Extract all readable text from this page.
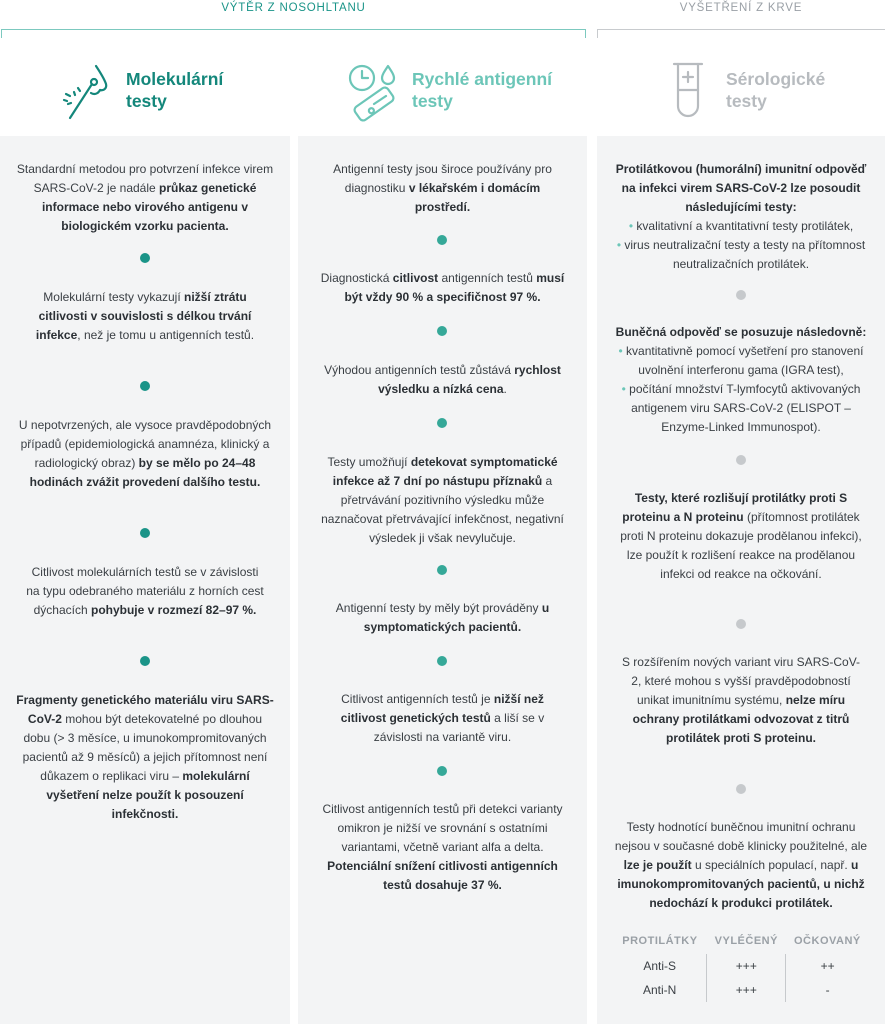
VÝTĚR Z NOSOHLTANU	VYŠETŘENÍ Z KRVE
Molekulární
testy
Rychlé antigenní
testy
Sérologické
testy
Standardní metodou pro potvrzení infekce virem SARS-CoV-2 je nadále průkaz genetické informace nebo virového antigenu v biologickém vzorku pacienta.
Molekulární testy vykazují nižší ztrátu citlivosti v souvislosti s délkou trvání infekce, než je tomu u antigenních testů.
U nepotvrzených, ale vysoce pravděpodobných případů (epidemiologická anamnéza, klinický a radiologický obraz) by se mělo po 24–48 hodinách zvážit provedení dalšího testu.
Citlivost molekulárních testů se v závislosti na typu odebraného materiálu z horních cest dýchacích pohybuje v rozmezí 82–97 %.
Fragmenty genetického materiálu viru SARS-CoV-2 mohou být detekovatelné po dlouhou dobu (> 3 měsíce, u imunokompromitovaných pacientů až 9 měsíců) a jejich přítomnost není důkazem o replikaci viru – molekulární vyšetření nelze použít k posouzení infekčnosti.
Antigenní testy jsou široce používány pro diagnostiku v lékařském i domácím prostředí.
Diagnostická citlivost antigenních testů musí být vždy 90 % a specifičnost 97 %.
Výhodou antigenních testů zůstává rychlost výsledku a nízká cena.
Testy umožňují detekovat symptomatické infekce až 7 dní po nástupu příznaků a přetrvávání pozitivního výsledku může naznačovat přetrvávající infekčnost, negativní výsledek ji však nevylučuje.
Antigenní testy by měly být prováděny u symptomatických pacientů.
Citlivost antigenních testů je nižší než citlivost genetických testů a liší se v závislosti na variantě viru.
Citlivost antigenních testů při detekci varianty omikron je nižší ve srovnání s ostatními variantami, včetně variant alfa a delta. Potenciální snížení citlivosti antigenních testů dosahuje 37 %.
Protilátkovou (humorální) imunitní odpověď na infekci virem SARS-CoV-2 lze posoudit následujícími testy:
• kvalitativní a kvantitativní testy protilátek,
• virus neutralizační testy a testy na přítomnost neutralizačních protilátek.
Buněčná odpověď se posuzuje následovně:
• kvantitativně pomocí vyšetření pro stanovení uvolnění interferonu gama (IGRA test),
• počítání množství T-lymfocytů aktivovaných antigenem viru SARS-CoV-2 (ELISPOT – Enzyme-Linked Immunospot).
Testy, které rozlišují protilátky proti S proteinu a N proteinu (přítomnost protilátek proti N proteinu dokazuje prodělanou infekci), lze použít k rozlišení reakce na prodělanou infekci od reakce na očkování.
S rozšířením nových variant viru SARS-CoV-2, které mohou s vyšší pravděpodobností unikat imunitnímu systému, nelze míru ochrany protilátkami odvozovat z titrů protilátek proti S proteinu.
Testy hodnotící buněčnou imunitní ochranu nejsou v současné době klinicky použitelné, ale lze je použít u speciálních populací, např. u imunokompromitovaných pacientů, u nichž nedochází k produkci protilátek.
PROTILÁTKY	VYLÉČENÝ	OČKOVANÝ
Anti-S	+++	++
Anti-N	+++	-
